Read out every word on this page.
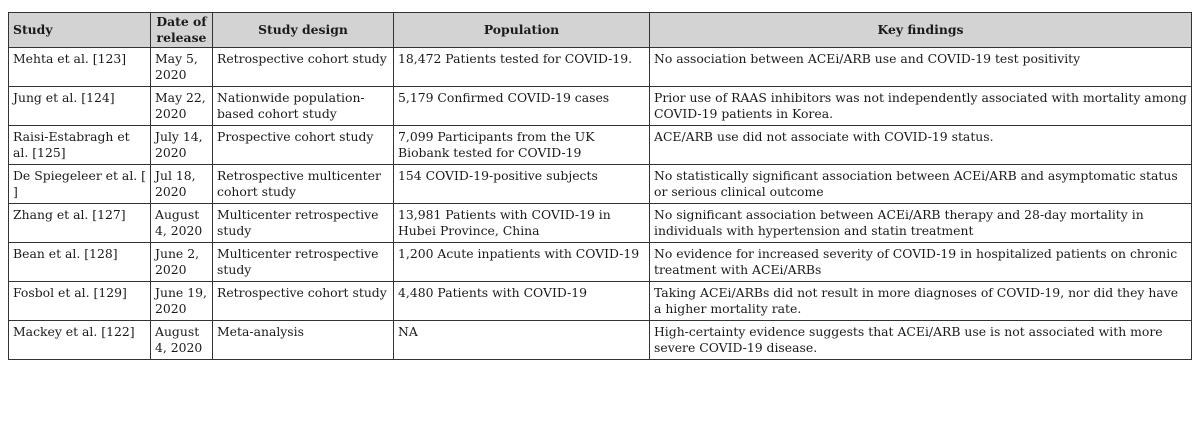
Study	Date of release	Study design	Population	Key findings
Mehta et al. [123]	May 5, 2020	Retrospective cohort study	18,472 Patients tested for COVID-19.	No association between ACEi/ARB use and COVID-19 test positivity
Jung et al. [124]	May 22, 2020	Nationwide population-based cohort study	5,179 Confirmed COVID-19 cases	Prior use of RAAS inhibitors was not independently associated with mortality among COVID-19 patients in Korea.
Raisi-Estabragh et al. [125]	July 14, 2020	Prospective cohort study	7,099 Participants from the UK Biobank tested for COVID-19	ACE/ARB use did not associate with COVID-19 status.
De Spiegeleer et al. [ ]	Jul 18, 2020	Retrospective multicenter cohort study	154 COVID-19-positive subjects	No statistically significant association between ACEi/ARB and asymptomatic status or serious clinical outcome
Zhang et al. [127]	August 4, 2020	Multicenter retrospective study	13,981 Patients with COVID-19 in Hubei Province, China	No significant association between ACEi/ARB therapy and 28-day mortality in individuals with hypertension and statin treatment
Bean et al. [128]	June 2, 2020	Multicenter retrospective study	1,200 Acute inpatients with COVID-19	No evidence for increased severity of COVID-19 in hospitalized patients on chronic treatment with ACEi/ARBs
Fosbol et al. [129]	June 19, 2020	Retrospective cohort study	4,480 Patients with COVID-19	Taking ACEi/ARBs did not result in more diagnoses of COVID-19, nor did they have a higher mortality rate.
Mackey et al. [122]	August 4, 2020	Meta-analysis	NA	High-certainty evidence suggests that ACEi/ARB use is not associated with more severe COVID-19 disease.
